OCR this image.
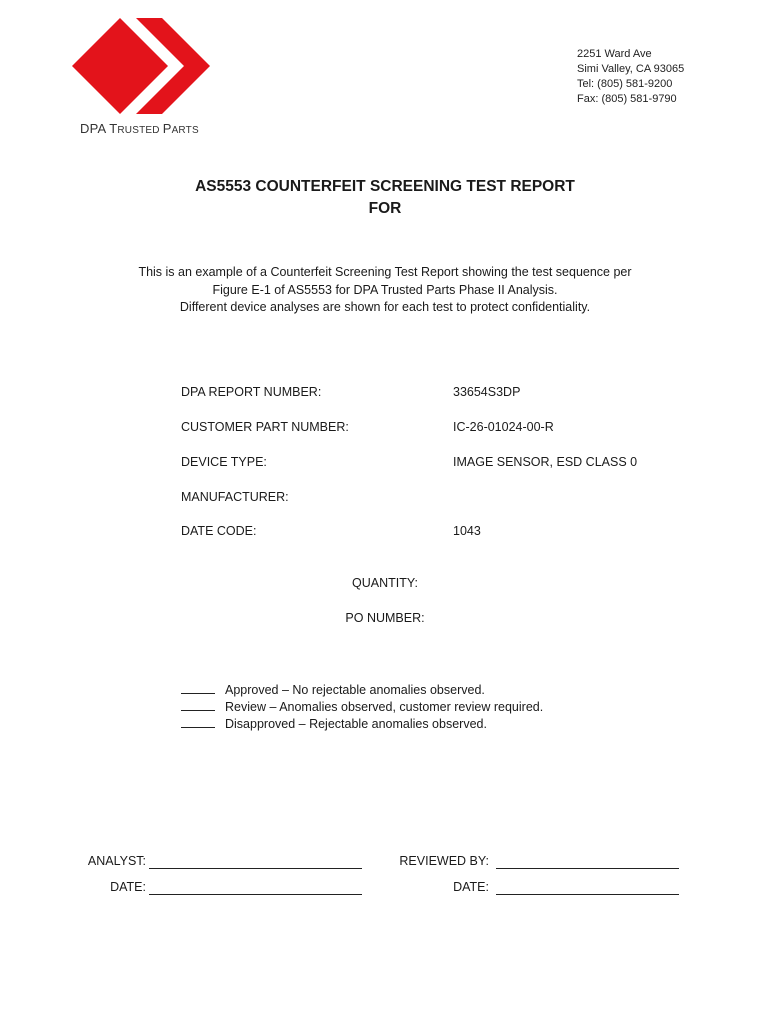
DPA TRUSTED PARTS
2251 Ward Ave
Simi Valley, CA 93065
Tel: (805) 581-9200
Fax: (805) 581-9790
AS5553 COUNTERFEIT SCREENING TEST REPORT
FOR
This is an example of a Counterfeit Screening Test Report showing the test sequence per
Figure E-1 of AS5553 for DPA Trusted Parts Phase II Analysis.
Different device analyses are shown for each test to protect confidentiality.
DPA REPORT NUMBER:	33654S3DP
CUSTOMER PART NUMBER:	IC-26-01024-00-R
DEVICE TYPE:	IMAGE SENSOR, ESD CLASS 0
MANUFACTURER:
DATE CODE:	1043
QUANTITY:
PO NUMBER:
Approved – No rejectable anomalies observed.
Review – Anomalies observed, customer review required.
Disapproved – Rejectable anomalies observed.
ANALYST:	REVIEWED BY:
DATE:	DATE:
